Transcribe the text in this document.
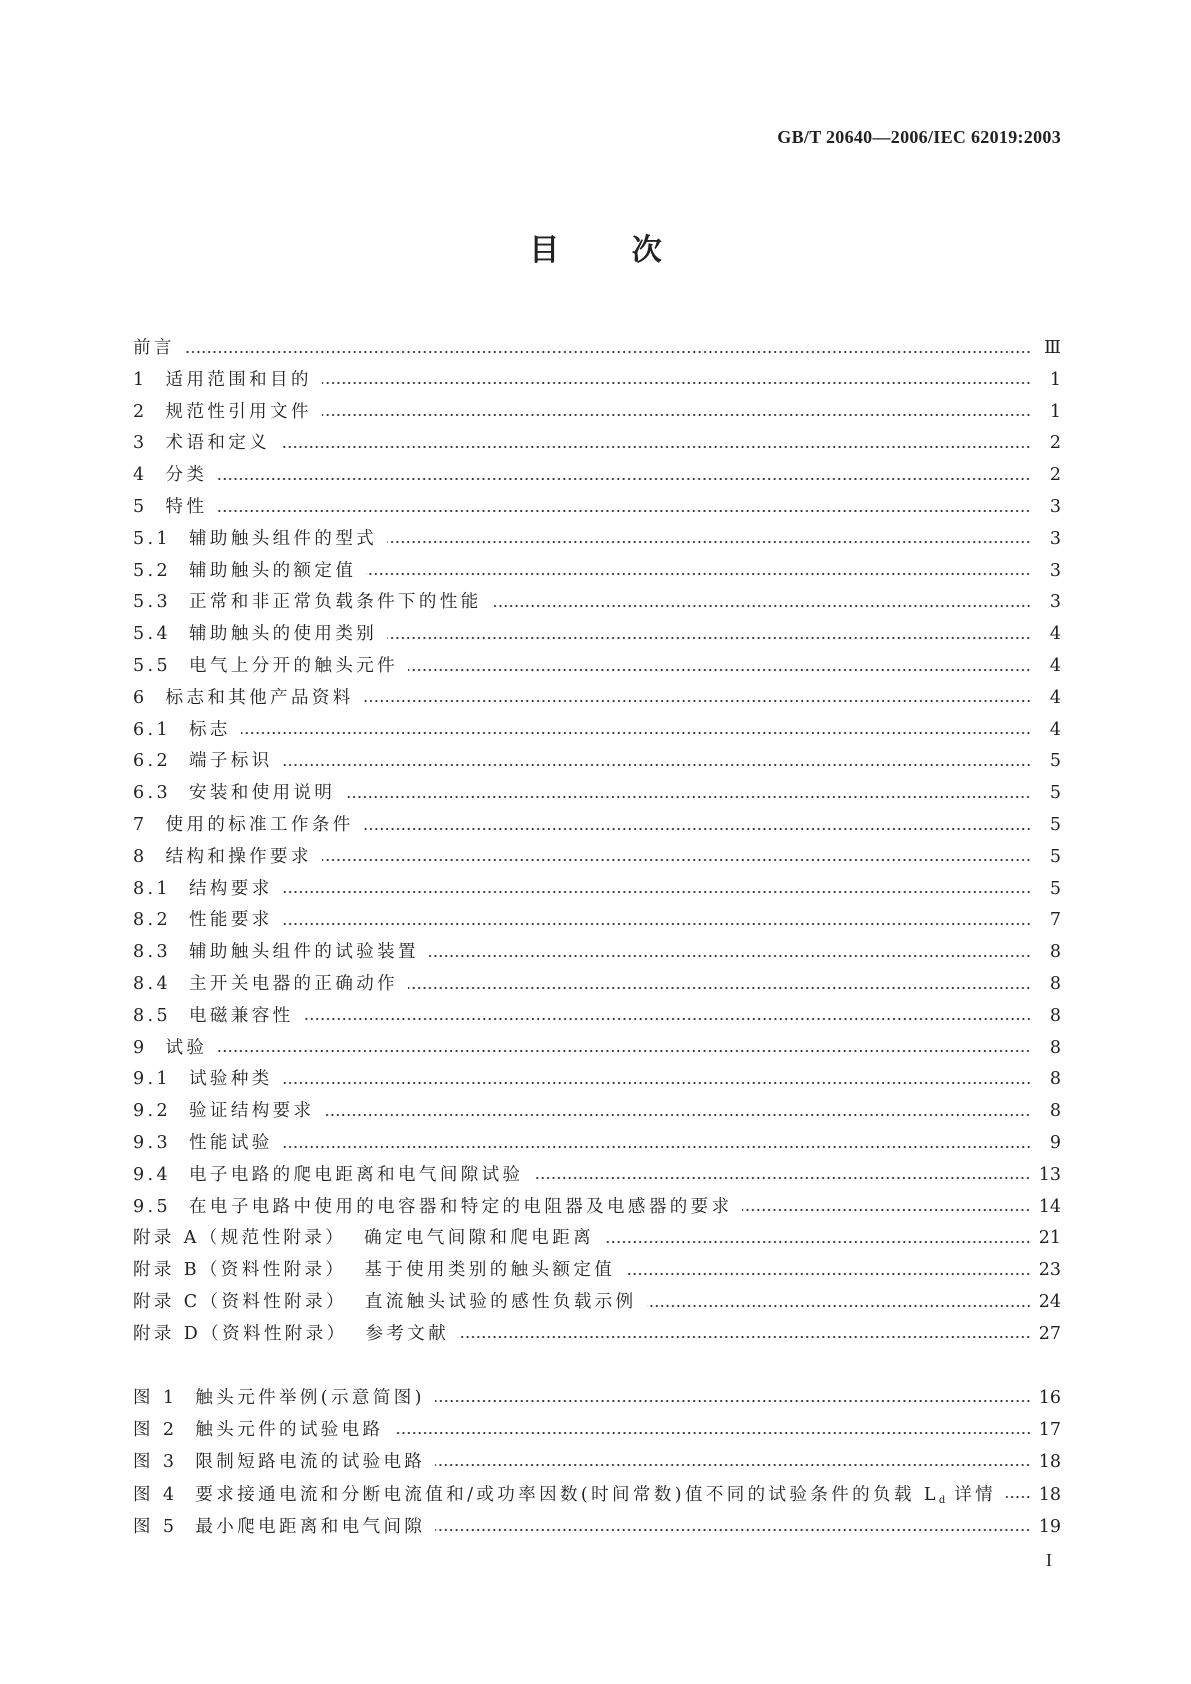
GB/T 20640—2006/IEC 62019:2003
目 次
前言	Ⅲ
1 适用范围和目的	1
2 规范性引用文件	1
3 术语和定义	2
4 分类	2
5 特性	3
5.1 辅助触头组件的型式	3
5.2 辅助触头的额定值	3
5.3 正常和非正常负载条件下的性能	3
5.4 辅助触头的使用类别	4
5.5 电气上分开的触头元件	4
6 标志和其他产品资料	4
6.1 标志	4
6.2 端子标识	5
6.3 安装和使用说明	5
7 使用的标准工作条件	5
8 结构和操作要求	5
8.1 结构要求	5
8.2 性能要求	7
8.3 辅助触头组件的试验装置	8
8.4 主开关电器的正确动作	8
8.5 电磁兼容性	8
9 试验	8
9.1 试验种类	8
9.2 验证结构要求	8
9.3 性能试验	9
9.4 电子电路的爬电距离和电气间隙试验	13
9.5 在电子电路中使用的电容器和特定的电阻器及电感器的要求	14
附录 A（规范性附录） 确定电气间隙和爬电距离	21
附录 B（资料性附录） 基于使用类别的触头额定值	23
附录 C（资料性附录） 直流触头试验的感性负载示例	24
附录 D（资料性附录） 参考文献	27
图 1 触头元件举例(示意简图)	16
图 2 触头元件的试验电路	17
图 3 限制短路电流的试验电路	18
图 4 要求接通电流和分断电流值和/或功率因数(时间常数)值不同的试验条件的负载 $L_d$ 详情	18
图 5 最小爬电距离和电气间隙	19
I
